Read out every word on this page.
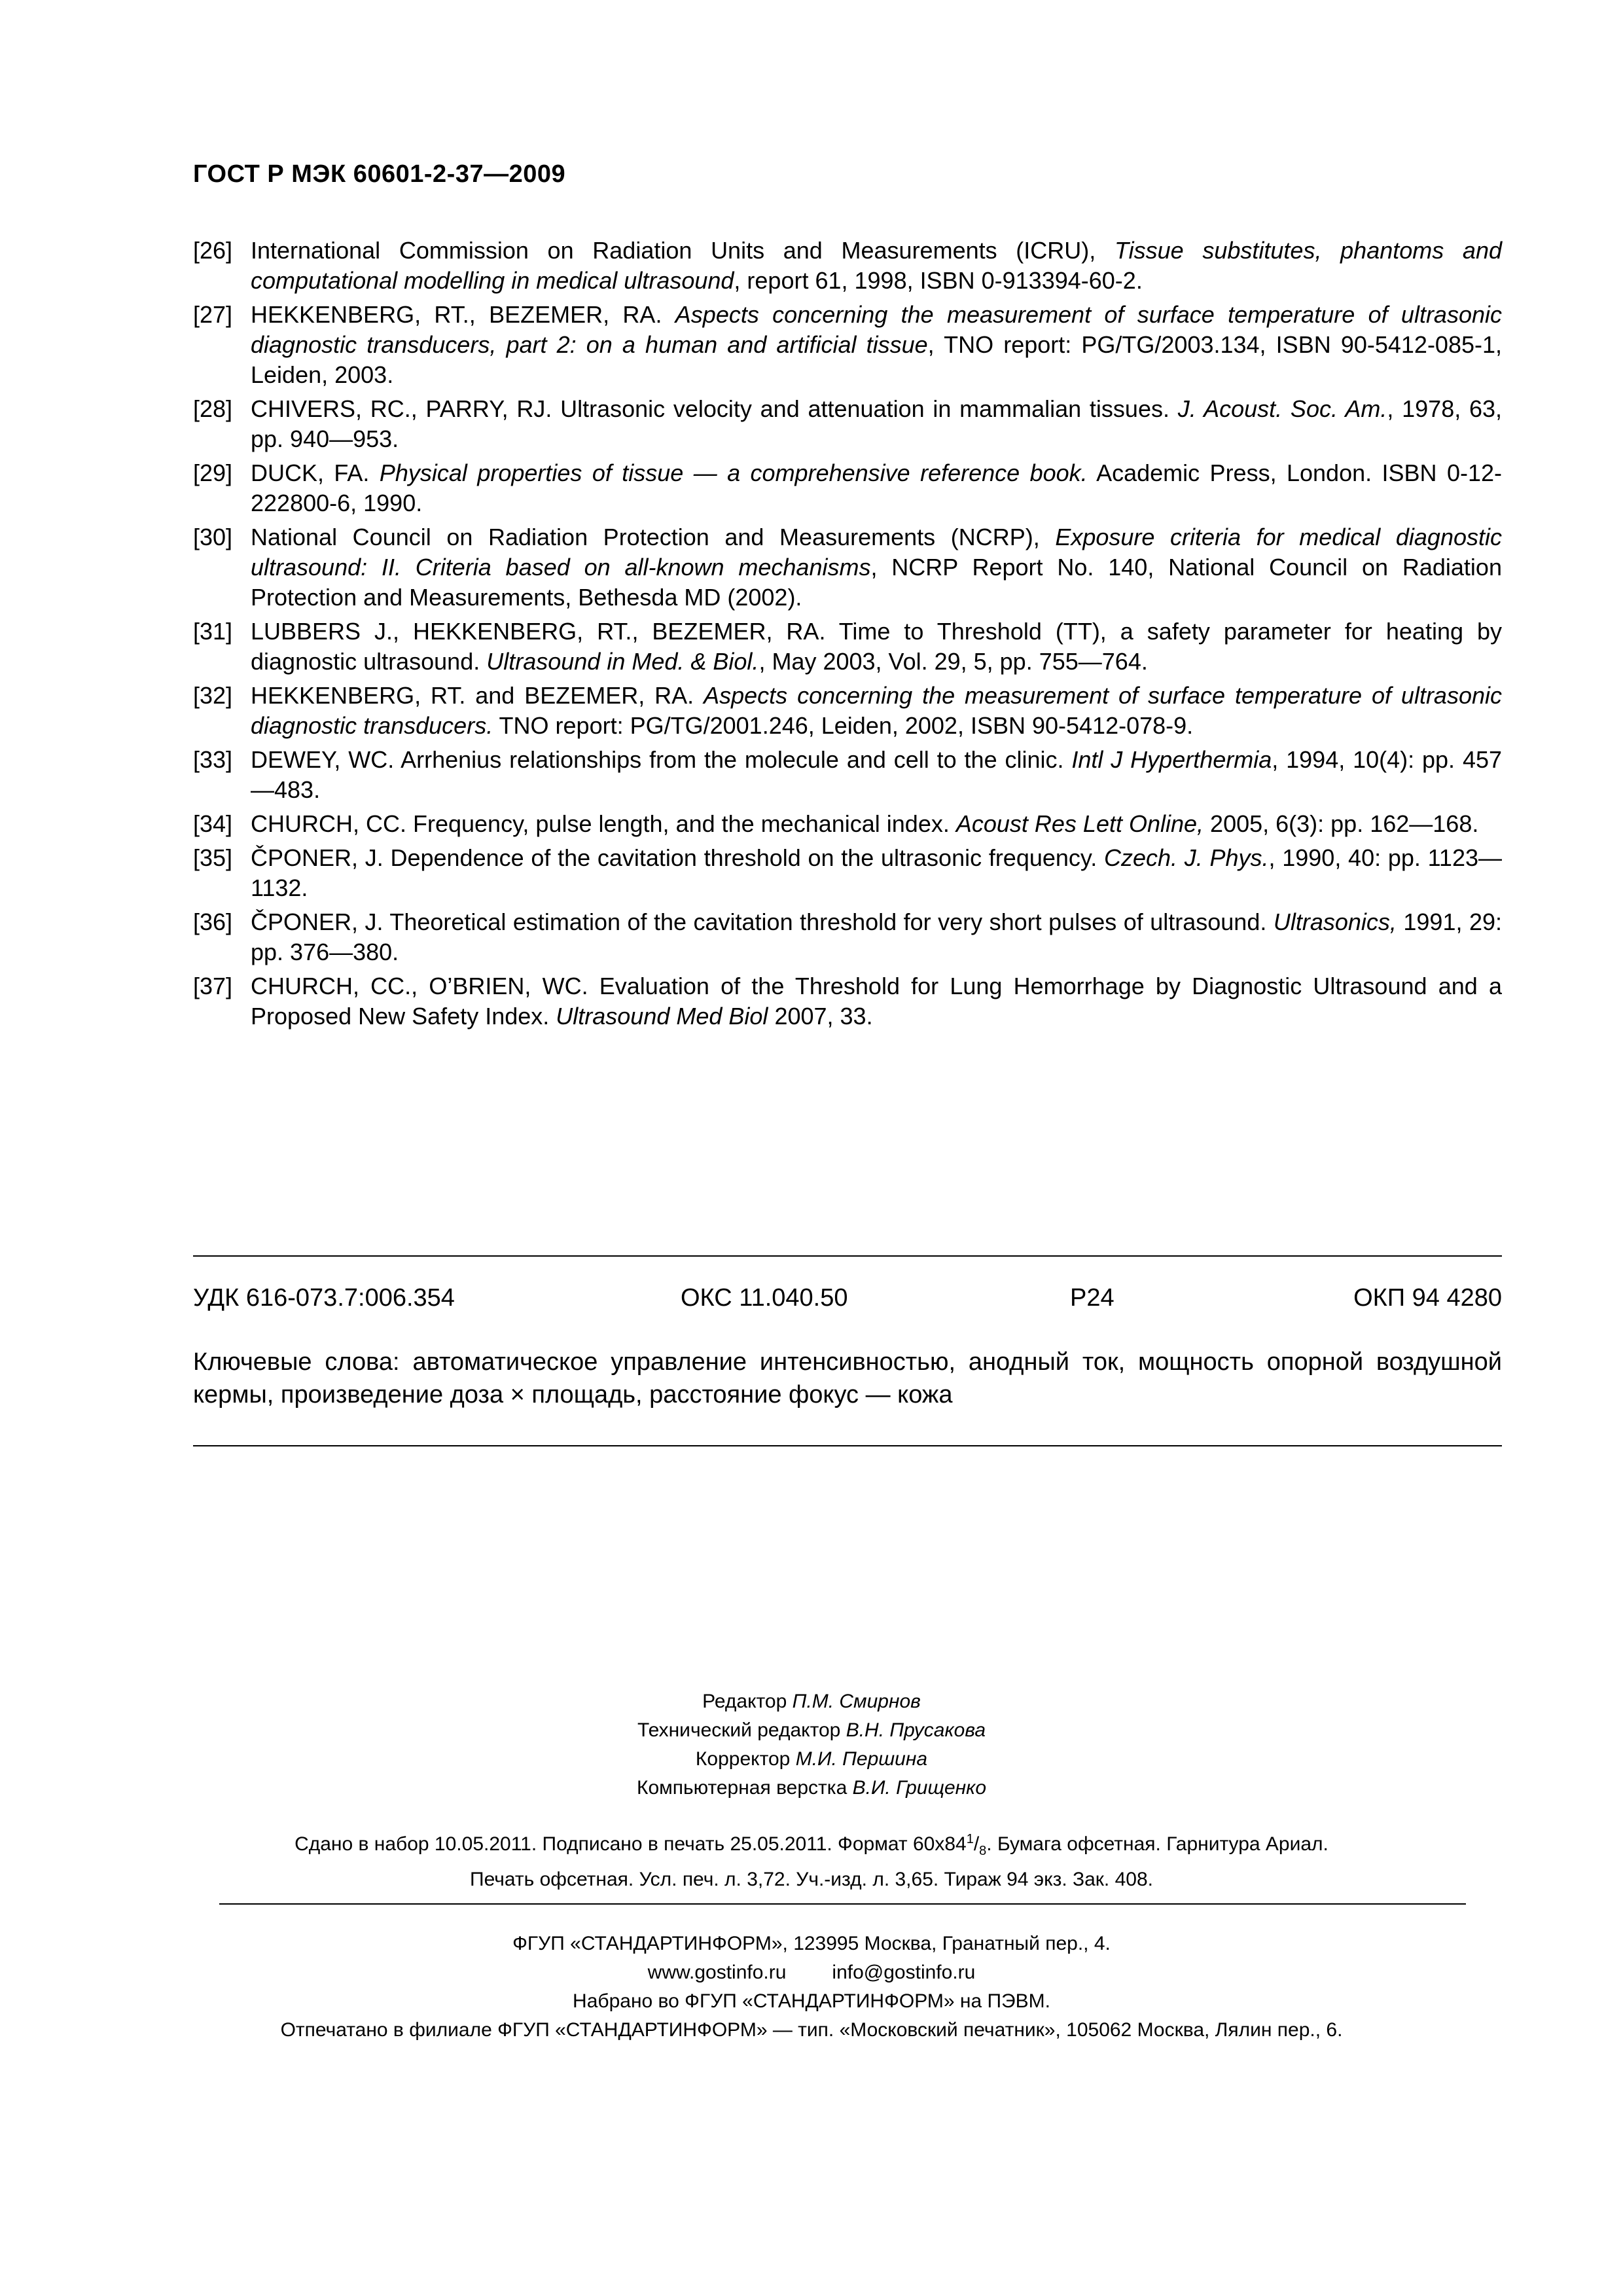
ГОСТ Р МЭК 60601-2-37—2009
[26] International Commission on Radiation Units and Measurements (ICRU), Tissue substitutes, phantoms and computational modelling in medical ultrasound, report 61, 1998, ISBN 0-913394-60-2.
[27] HEKKENBERG, RT., BEZEMER, RA. Aspects concerning the measurement of surface temperature of ultrasonic diagnostic transducers, part 2: on a human and artificial tissue, TNO report: PG/TG/2003.134, ISBN 90-5412-085-1, Leiden, 2003.
[28] CHIVERS, RC., PARRY, RJ. Ultrasonic velocity and attenuation in mammalian tissues. J. Acoust. Soc. Am., 1978, 63, pp. 940—953.
[29] DUCK, FA. Physical properties of tissue — a comprehensive reference book. Academic Press, London. ISBN 0-12-222800-6, 1990.
[30] National Council on Radiation Protection and Measurements (NCRP), Exposure criteria for medical diagnostic ultrasound: II. Criteria based on all-known mechanisms, NCRP Report No. 140, National Council on Radiation Protection and Measurements, Bethesda MD (2002).
[31] LUBBERS J., HEKKENBERG, RT., BEZEMER, RA. Time to Threshold (TT), a safety parameter for heating by diagnostic ultrasound. Ultrasound in Med. & Biol., May 2003, Vol. 29, 5, pp. 755—764.
[32] HEKKENBERG, RT. and BEZEMER, RA. Aspects concerning the measurement of surface temperature of ultrasonic diagnostic transducers. TNO report: PG/TG/2001.246, Leiden, 2002, ISBN 90-5412-078-9.
[33] DEWEY, WC. Arrhenius relationships from the molecule and cell to the clinic. Intl J Hyperthermia, 1994, 10(4): pp. 457—483.
[34] CHURCH, CC. Frequency, pulse length, and the mechanical index. Acoust Res Lett Online, 2005, 6(3): pp. 162—168.
[35] ČPONER, J. Dependence of the cavitation threshold on the ultrasonic frequency. Czech. J. Phys., 1990, 40: pp. 1123—1132.
[36] ČPONER, J. Theoretical estimation of the cavitation threshold for very short pulses of ultrasound. Ultrasonics, 1991, 29: pp. 376—380.
[37] CHURCH, CC., O’BRIEN, WC. Evaluation of the Threshold for Lung Hemorrhage by Diagnostic Ultrasound and a Proposed New Safety Index. Ultrasound Med Biol 2007, 33.
УДК 616-073.7:006.354	ОКС 11.040.50	Р24	ОКП 94 4280
Ключевые слова: автоматическое управление интенсивностью, анодный ток, мощность опорной воздушной кермы, произведение доза × площадь, расстояние фокус — кожа
Редактор П.М. Смирнов
Технический редактор В.Н. Прусакова
Корректор М.И. Першина
Компьютерная верстка В.И. Грищенко
Сдано в набор 10.05.2011. Подписано в печать 25.05.2011. Формат $60х84^1/_8$. Бумага офсетная. Гарнитура Ариал.
Печать офсетная. Усл. печ. л. 3,72. Уч.-изд. л. 3,65. Тираж 94 экз. Зак. 408.
ФГУП «СТАНДАРТИНФОРМ», 123995 Москва, Гранатный пер., 4.
www.gostinfo.ru info@gostinfo.ru
Набрано во ФГУП «СТАНДАРТИНФОРМ» на ПЭВМ.
Отпечатано в филиале ФГУП «СТАНДАРТИНФОРМ» — тип. «Московский печатник», 105062 Москва, Лялин пер., 6.
